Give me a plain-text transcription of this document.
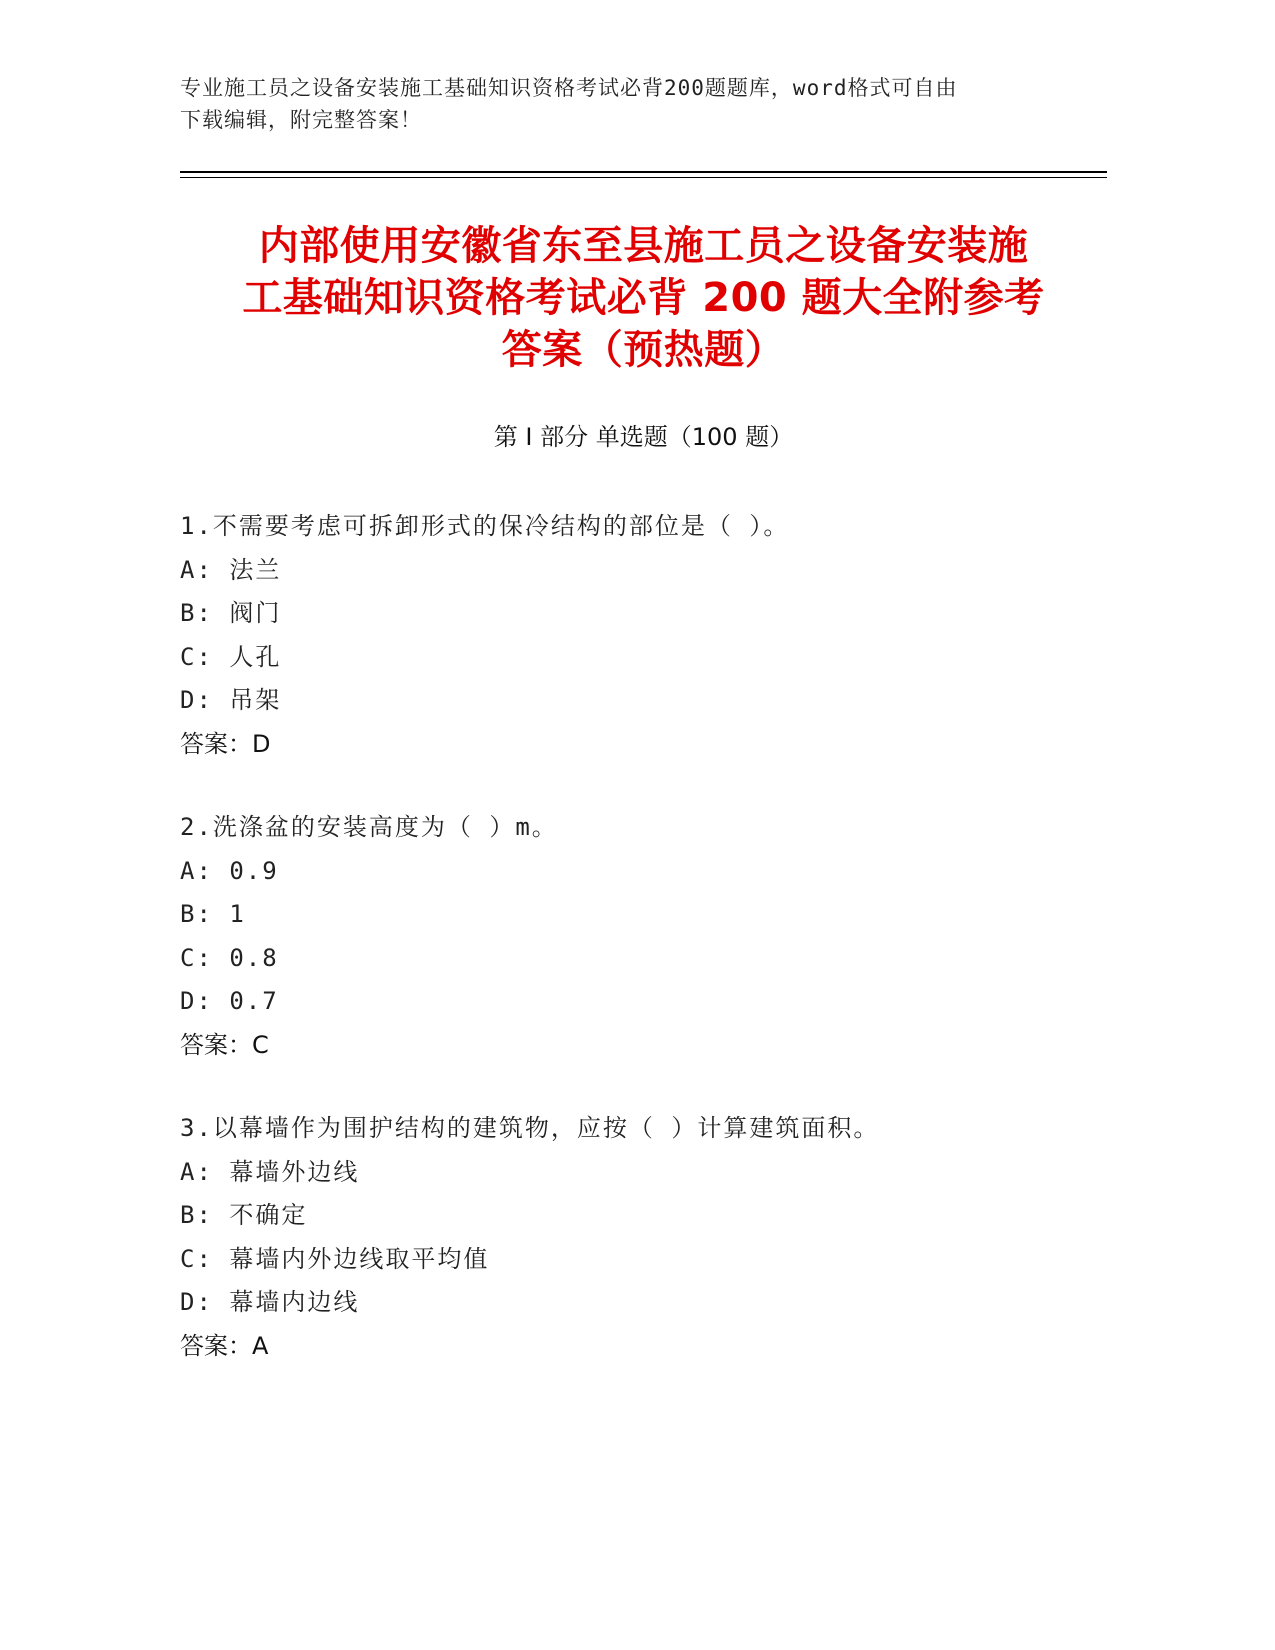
专业施工员之设备安装施工基础知识资格考试必背200题题库，word格式可自由
下载编辑，附完整答案！
内部使用安徽省东至县施工员之设备安装施
工基础知识资格考试必背 200 题大全附参考
答案（预热题）
第 I 部分 单选题（100 题）
1.不需要考虑可拆卸形式的保冷结构的部位是（ ）。
A: 法兰
B: 阀门
C: 人孔
D: 吊架
答案：D
2.洗涤盆的安装高度为（ ）m。
A: 0.9
B: 1
C: 0.8
D: 0.7
答案：C
3.以幕墙作为围护结构的建筑物，应按（ ）计算建筑面积。
A: 幕墙外边线
B: 不确定
C: 幕墙内外边线取平均值
D: 幕墙内边线
答案：A
